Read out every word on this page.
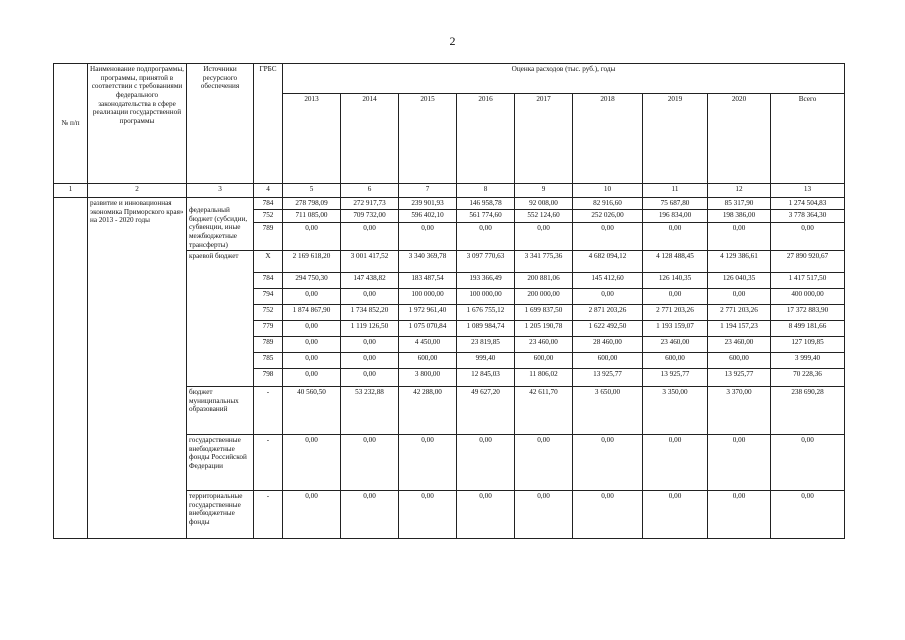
2
№ п/п	Наименование подпрограммы, программы, принятой в соответствии с требованиями федерального законодательства в сфере реализации государственной программы	Источники ресурсного обеспечения	ГРБС	Оценка расходов (тыс. руб.), годы								
				2013	2014	2015	2016	2017	2018	2019	2020	Всего
1	2	3	4	5	6	7	8	9	10	11	12	13
	развитие и инновационная экономика Приморского края» на 2013 - 2020 годы	федеральный бюджет (субсидии, субвенции, иные межбюджетные трансферты)	784	278 798,09	272 917,73	239 901,93	146 958,78	92 008,00	82 916,60	75 687,80	85 317,90	1 274 504,83
			752	711 085,00	709 732,00	596 402,10	561 774,60	552 124,60	252 026,00	196 834,00	198 386,00	3 778 364,30
			789	0,00	0,00	0,00	0,00	0,00	0,00	0,00	0,00	0,00
		краевой бюджет	Х	2 169 618,20	3 001 417,52	3 340 369,78	3 097 770,63	3 341 775,36	4 682 094,12	4 128 488,45	4 129 386,61	27 890 920,67
			784	294 750,30	147 438,82	183 487,54	193 366,49	200 881,06	145 412,60	126 140,35	126 040,35	1 417 517,50
			794	0,00	0,00	100 000,00	100 000,00	200 000,00	0,00	0,00	0,00	400 000,00
			752	1 874 867,90	1 734 852,20	1 972 961,40	1 676 755,12	1 699 837,50	2 871 203,26	2 771 203,26	2 771 203,26	17 372 883,90
			779	0,00	1 119 126,50	1 075 070,84	1 089 984,74	1 205 190,78	1 622 492,50	1 193 159,07	1 194 157,23	8 499 181,66
			789	0,00	0,00	4 450,00	23 819,85	23 460,00	28 460,00	23 460,00	23 460,00	127 109,85
			785	0,00	0,00	600,00	999,40	600,00	600,00	600,00	600,00	3 999,40
			798	0,00	0,00	3 800,00	12 845,03	11 806,02	13 925,77	13 925,77	13 925,77	70 228,36
		бюджет муниципальных образований	-	40 560,50	53 232,88	42 288,00	49 627,20	42 611,70	3 650,00	3 350,00	3 370,00	238 690,28
		государственные внебюджетные фонды Российской Федерации	-	0,00	0,00	0,00	0,00	0,00	0,00	0,00	0,00	0,00
		территориальные государственные внебюджетные фонды	-	0,00	0,00	0,00	0,00	0,00	0,00	0,00	0,00	0,00
